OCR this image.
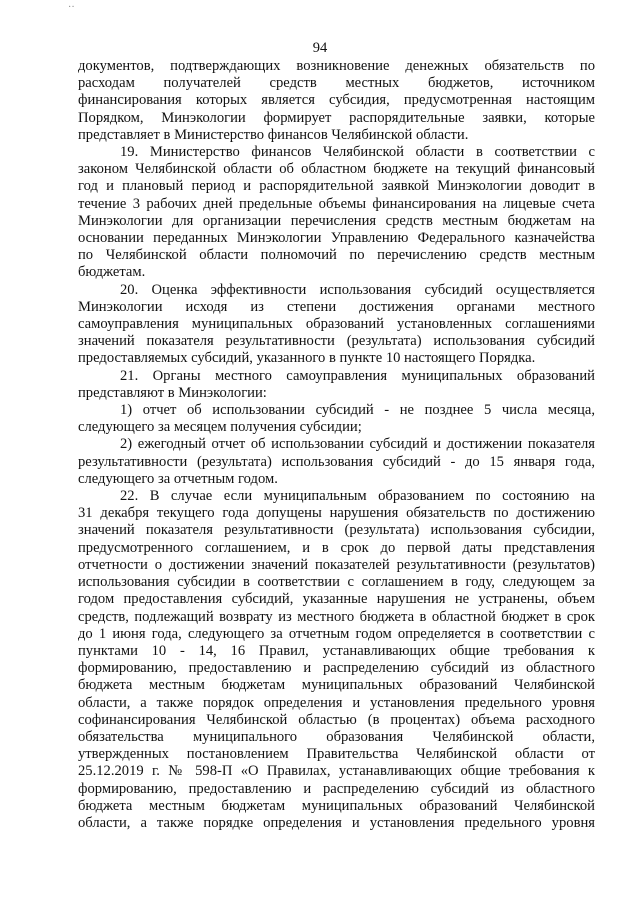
··
94

документов, подтверждающих возникновение денежных обязательств по

расходам получателей средств местных бюджетов, источником

финансирования которых является субсидия, предусмотренная настоящим

Порядком, Минэкологии формирует распорядительные заявки, которые

представляет в Министерство финансов Челябинской области.

19. Министерство финансов Челябинской области в соответствии с

законом Челябинской области об областном бюджете на текущий финансовый

год и плановый период и распорядительной заявкой Минэкологии доводит в

течение 3 рабочих дней предельные объемы финансирования на лицевые счета

Минэкологии для организации перечисления средств местным бюджетам на

основании переданных Минэкологии Управлению Федерального казначейства

по Челябинской области полномочий по перечислению средств местным

бюджетам.

20. Оценка эффективности использования субсидий осуществляется

Минэкологии исходя из степени достижения органами местного

самоуправления муниципальных образований установленных соглашениями

значений показателя результативности (результата) использования субсидий

предоставляемых субсидий, указанного в пункте 10 настоящего Порядка.

21. Органы местного самоуправления муниципальных образований

представляют в Минэкологии:

1) отчет об использовании субсидий - не позднее 5 числа месяца,

следующего за месяцем получения субсидии;

2) ежегодный отчет об использовании субсидий и достижении показателя

результативности (результата) использования субсидий - до 15 января года,

следующего за отчетным годом.

22. В случае если муниципальным образованием по состоянию на

31 декабря текущего года допущены нарушения обязательств по достижению

значений показателя результативности (результата) использования субсидии,

предусмотренного соглашением, и в срок до первой даты представления

отчетности о достижении значений показателей результативности (результатов)

использования субсидии в соответствии с соглашением в году, следующем за

годом предоставления субсидий, указанные нарушения не устранены, объем

средств, подлежащий возврату из местного бюджета в областной бюджет в срок

до 1 июня года, следующего за отчетным годом определяется в соответствии с

пунктами 10 - 14, 16 Правил, устанавливающих общие требования к

формированию, предоставлению и распределению субсидий из областного

бюджета местным бюджетам муниципальных образований Челябинской

области, а также порядок определения и установления предельного уровня

софинансирования Челябинской областью (в процентах) объема расходного

обязательства муниципального образования Челябинской области,

утвержденных постановлением Правительства Челябинской области от

25.12.2019 г. № 598-П «О Правилах, устанавливающих общие требования к

формированию, предоставлению и распределению субсидий из областного

бюджета местным бюджетам муниципальных образований Челябинской

области, а также порядке определения и установления предельного уровня
